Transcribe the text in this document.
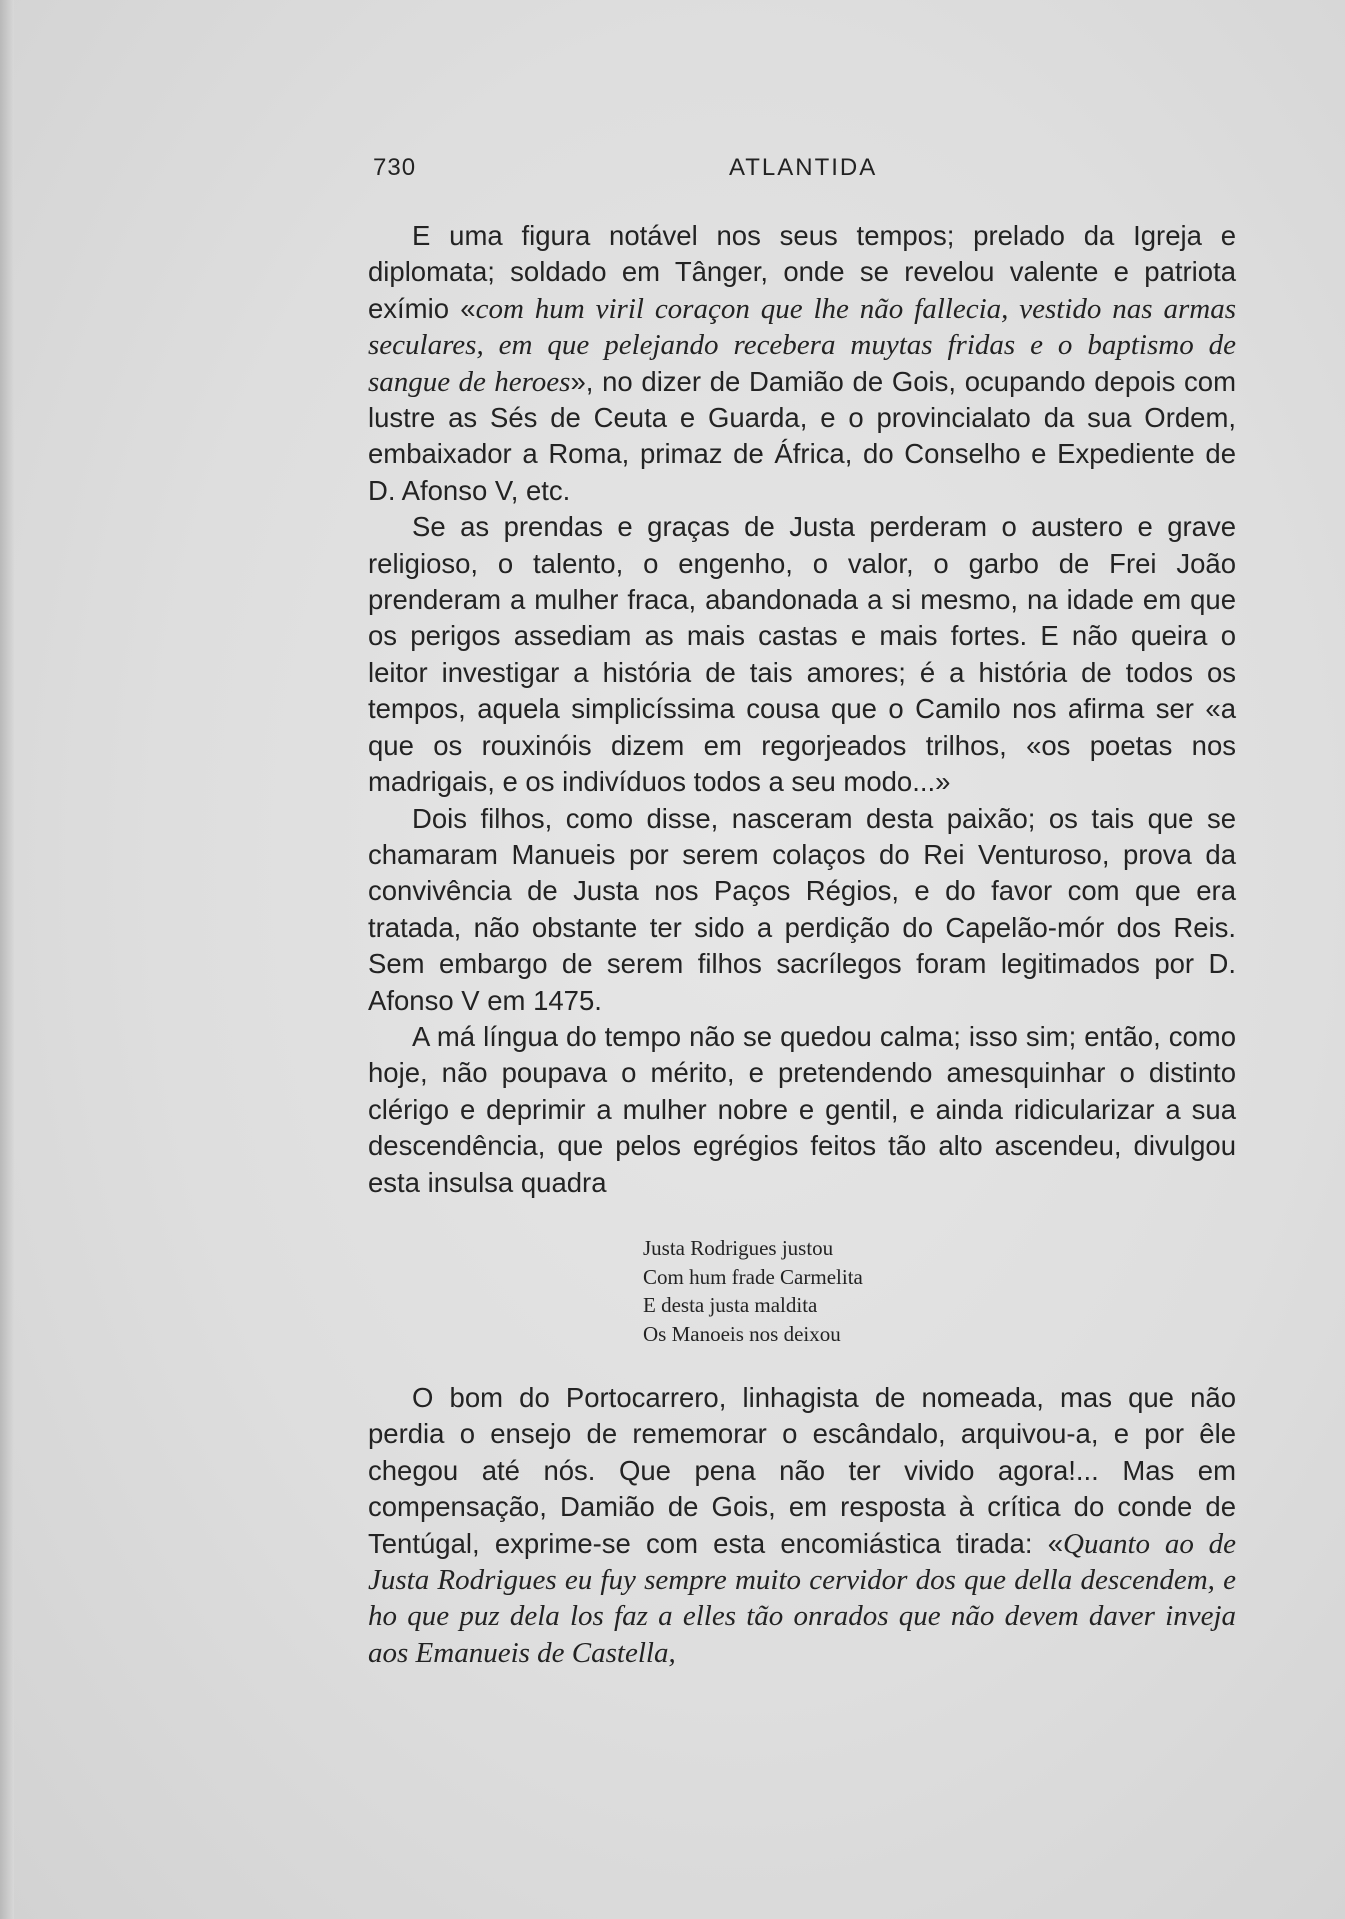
730	ATLANTIDA

E uma figura notável nos seus tempos; prelado da Igreja e diplomata; soldado em Tânger, onde se revelou valente e patriota exímio «com hum viril coraçon que lhe não fallecia, vestido nas armas seculares, em que pelejando recebera muytas fridas e o baptismo de sangue de heroes», no dizer de Damião de Gois, ocupando depois com lustre as Sés de Ceuta e Guarda, e o provincialato da sua Ordem, embaixador a Roma, primaz de África, do Conselho e Expediente de D. Afonso V, etc.

Se as prendas e graças de Justa perderam o austero e grave religioso, o talento, o engenho, o valor, o garbo de Frei João prenderam a mulher fraca, abandonada a si mesmo, na idade em que os perigos assediam as mais castas e mais fortes. E não queira o leitor investigar a história de tais amores; é a história de todos os tempos, aquela simplicíssima cousa que o Camilo nos afirma ser «a que os rouxinóis dizem em regorjeados trilhos, «os poetas nos madrigais, e os indivíduos todos a seu modo...»

Dois filhos, como disse, nasceram desta paixão; os tais que se chamaram Manueis por serem colaços do Rei Venturoso, prova da convivência de Justa nos Paços Régios, e do favor com que era tratada, não obstante ter sido a perdição do Capelão-mór dos Reis. Sem embargo de serem filhos sacrílegos foram legitimados por D. Afonso V em 1475.

A má língua do tempo não se quedou calma; isso sim; então, como hoje, não poupava o mérito, e pretendendo amesquinhar o distinto clérigo e deprimir a mulher nobre e gentil, e ainda ridicularizar a sua descendência, que pelos egrégios feitos tão alto ascendeu, divulgou esta insulsa quadra

Justa Rodrigues justou
Com hum frade Carmelita
E desta justa maldita
Os Manoeis nos deixou

O bom do Portocarrero, linhagista de nomeada, mas que não perdia o ensejo de rememorar o escândalo, arquivou-a, e por êle chegou até nós. Que pena não ter vivido agora!... Mas em compensação, Damião de Gois, em resposta à crítica do conde de Tentúgal, exprime-se com esta encomiástica tirada: «Quanto ao de Justa Rodrigues eu fuy sempre muito cervidor dos que della descendem, e ho que puz dela los faz a elles tão onrados que não devem daver inveja aos Emanueis de Castella,
